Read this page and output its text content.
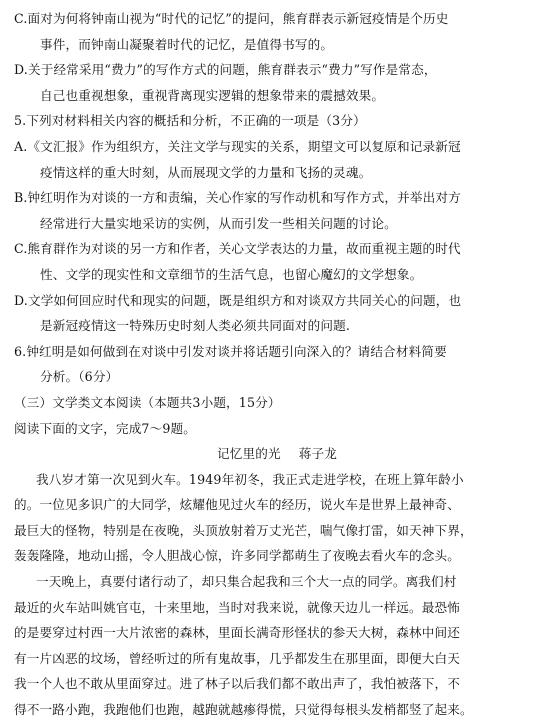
C.面对为何将钟南山视为“时代的记忆”的提问，熊育群表示新冠疫情是个历史
事件，而钟南山凝聚着时代的记忆，是值得书写的。
D.关于经常采用“费力”的写作方式的问题，熊育群表示“费力”写作是常态，
自己也重视想象，重视背离现实逻辑的想象带来的震撼效果。
5.下列对材料相关内容的概括和分析，不正确的一项是（3分）
A.《文汇报》作为组织方，关注文学与现实的关系，期望文可以复原和记录新冠
疫情这样的重大时刻，从而展现文学的力量和飞扬的灵魂。
B.钟红明作为对谈的一方和责编，关心作家的写作动机和写作方式，并举出对方
经常进行大量实地采访的实例，从而引发一些相关问题的讨论。
C.熊育群作为对谈的另一方和作者，关心文学表达的力量，故而重视主题的时代
性、文学的现实性和文章细节的生活气息，也留心魔幻的文学想象。
D.文学如何回应时代和现实的问题，既是组织方和对谈双方共同关心的问题，也
是新冠疫情这一特殊历史时刻人类必须共同面对的问题.
6.钟红明是如何做到在对谈中引发对谈并将话题引向深入的？请结合材料简要
分析。（6分）
（三）文学类文本阅读（本题共3小题，15分）
阅读下面的文字，完成7～9题。
记忆里的光 蒋子龙
我八岁才第一次见到火车。1949年初冬，我正式走进学校，在班上算年龄小
的。一位见多识广的大同学，炫耀他见过火车的经历，说火车是世界上最神奇、
最巨大的怪物，特别是在夜晚，头顶放射着万丈光芒，喘气像打雷，如天神下界，
轰轰隆隆，地动山摇，令人胆战心惊，许多同学都萌生了夜晚去看火车的念头。
一天晚上，真要付诸行动了，却只集合起我和三个大一点的同学。离我们村
最近的火车站叫姚官屯，十来里地，当时对我来说，就像天边儿一样远。最恐怖
的是要穿过村西一大片浓密的森林，里面长满奇形怪状的参天大树，森林中间还
有一片凶恶的坟场，曾经听过的所有鬼故事，几乎都发生在那里面，即便大白天
我一个人也不敢从里面穿过。进了林子以后我们都不敢出声了，我怕被落下，不
得不一路小跑，我跑他们也跑，越跑就越瘆得慌，只觉得每根头发梢都竖了起来。
